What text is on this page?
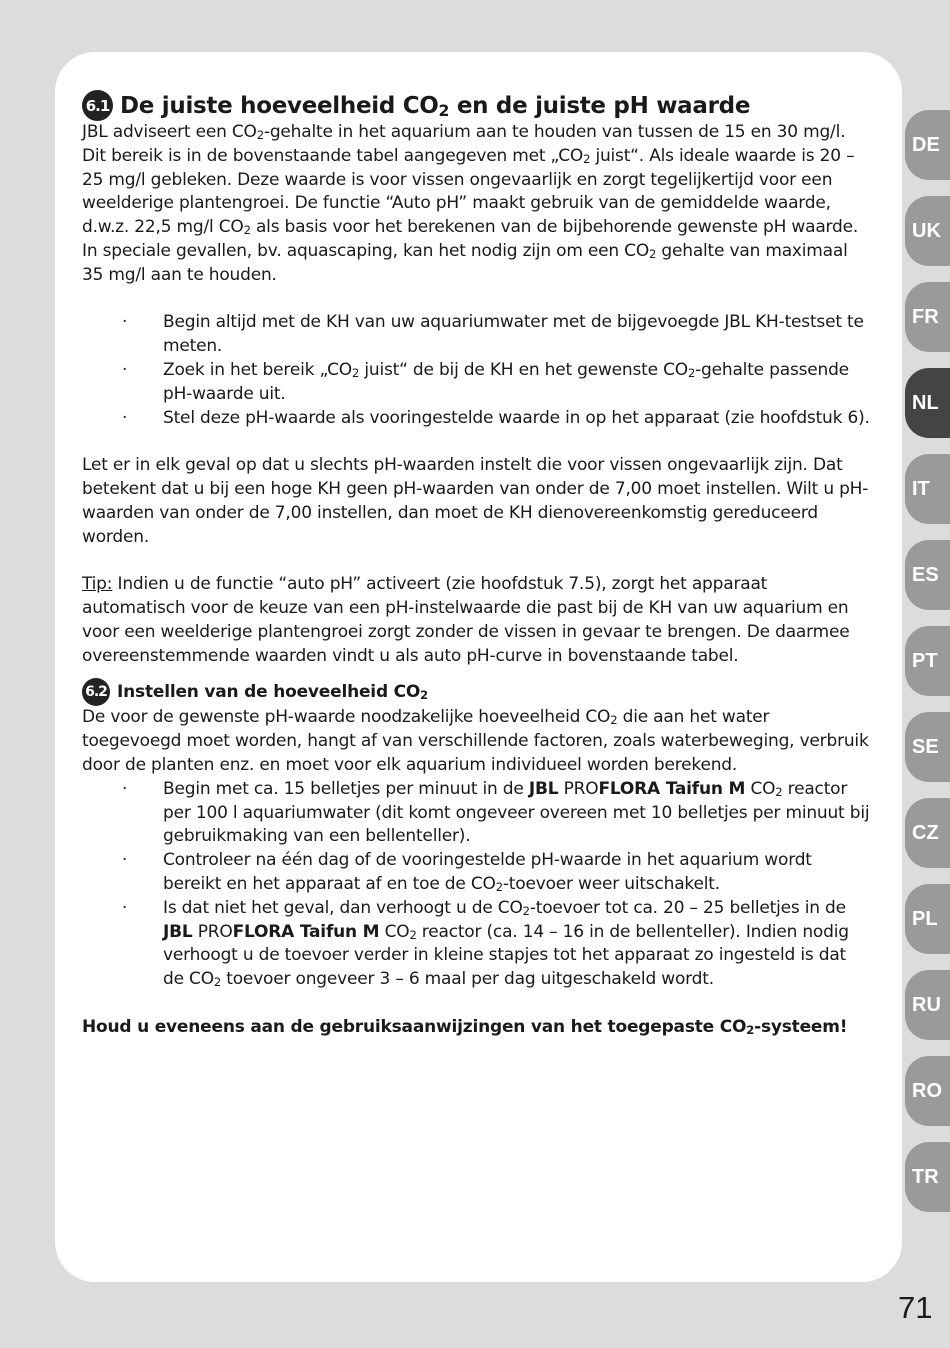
6.1 De juiste hoeveelheid CO2 en de juiste pH waarde

JBL adviseert een CO2-gehalte in het aquarium aan te houden van tussen de 15 en 30 mg/l. Dit bereik is in de bovenstaande tabel aangegeven met „CO2 juist“. Als ideale waarde is 20 – 25 mg/l gebleken. Deze waarde is voor vissen ongevaarlijk en zorgt tegelijkertijd voor een weelderige plantengroei. De functie “Auto pH” maakt gebruik van de gemiddelde waarde, d.w.z. 22,5 mg/l CO2 als basis voor het berekenen van de bijbehorende gewenste pH waarde. In speciale gevallen, bv. aquascaping, kan het nodig zijn om een CO2 gehalte van maximaal 35 mg/l aan te houden.

· Begin altijd met de KH van uw aquariumwater met de bijgevoegde JBL KH-testset te meten.
· Zoek in het bereik „CO2 juist“ de bij de KH en het gewenste CO2-gehalte passende pH-waarde uit.
· Stel deze pH-waarde als vooringestelde waarde in op het apparaat (zie hoofdstuk 6).

Let er in elk geval op dat u slechts pH-waarden instelt die voor vissen ongevaarlijk zijn. Dat betekent dat u bij een hoge KH geen pH-waarden van onder de 7,00 moet instellen. Wilt u pH-waarden van onder de 7,00 instellen, dan moet de KH dienovereenkomstig gereduceerd worden.

Tip: Indien u de functie “auto pH” activeert (zie hoofdstuk 7.5), zorgt het apparaat automatisch voor de keuze van een pH-instelwaarde die past bij de KH van uw aquarium en voor een weelderige plantengroei zorgt zonder de vissen in gevaar te brengen. De daarmee overeenstemmende waarden vindt u als auto pH-curve in bovenstaande tabel.

6.2 Instellen van de hoeveelheid CO2

De voor de gewenste pH-waarde noodzakelijke hoeveelheid CO2 die aan het water toegevoegd moet worden, hangt af van verschillende factoren, zoals waterbeweging, verbruik door de planten enz. en moet voor elk aquarium individueel worden berekend.

· Begin met ca. 15 belletjes per minuut in de JBL PROFLORA Taifun M CO2 reactor per 100 l aquariumwater (dit komt ongeveer overeen met 10 belletjes per minuut bij gebruikmaking van een bellenteller).
· Controleer na één dag of de vooringestelde pH-waarde in het aquarium wordt bereikt en het apparaat af en toe de CO2-toevoer weer uitschakelt.
· Is dat niet het geval, dan verhoogt u de CO2-toevoer tot ca. 20 – 25 belletjes in de JBL PROFLORA Taifun M CO2 reactor (ca. 14 – 16 in de bellenteller). Indien nodig verhoogt u de toevoer verder in kleine stapjes tot het apparaat zo ingesteld is dat de CO2 toevoer ongeveer 3 – 6 maal per dag uitgeschakeld wordt.

Houd u eveneens aan de gebruiksaanwijzingen van het toegepaste CO2-systeem!

DE
UK
FR
NL
IT
ES
PT
SE
CZ
PL
RU
RO
TR
71
